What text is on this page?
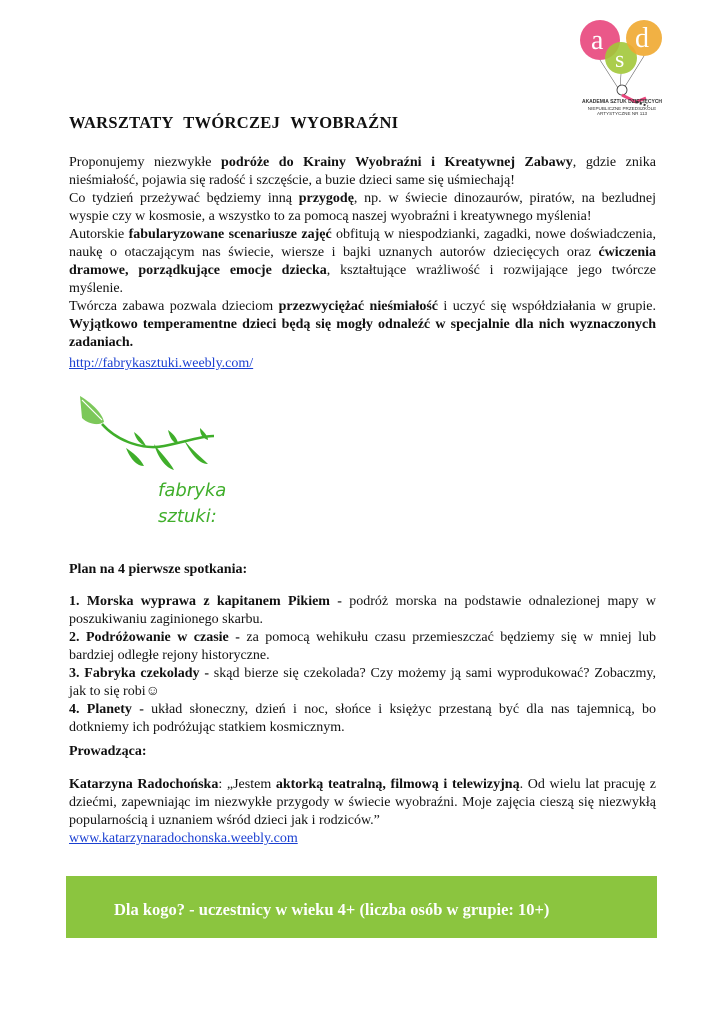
a
s
d
AKADEMIA SZTUK DZIECIĘCYCH
NIEPUBLICZNE PRZEDSZKOLE ARTYSTYCZNE NR 113
WARSZTATY TWÓRCZEJ WYOBRAŹNI

Proponujemy niezwykłe podróże do Krainy Wyobraźni i Kreatywnej Zabawy, gdzie znika nieśmiałość, pojawia się radość i szczęście, a buzie dzieci same się uśmiechają!

Co tydzień przeżywać będziemy inną przygodę, np. w świecie dinozaurów, piratów, na bezludnej wyspie czy w kosmosie, a wszystko to za pomocą naszej wyobraźni i kreatywnego myślenia!

Autorskie fabularyzowane scenariusze zajęć obfitują w niespodzianki, zagadki, nowe doświadczenia, naukę o otaczającym nas świecie, wiersze i bajki uznanych autorów dziecięcych oraz ćwiczenia dramowe, porządkujące emocje dziecka, kształtujące wrażliwość i rozwijające jego twórcze myślenie.

Twórcza zabawa pozwala dzieciom przezwyciężać nieśmiałość i uczyć się współdziałania w grupie. Wyjątkowo temperamentne dzieci będą się mogły odnaleźć w specjalnie dla nich wyznaczonych zadaniach.

http://fabrykasztuki.weebly.com/
fabryka
sztuki:
Plan na 4 pierwsze spotkania:

1. Morska wyprawa z kapitanem Pikiem - podróż morska na podstawie odnalezionej mapy w poszukiwaniu zaginionego skarbu.

2. Podróżowanie w czasie - za pomocą wehikułu czasu przemieszczać będziemy się w mniej lub bardziej odległe rejony historyczne.

3. Fabryka czekolady - skąd bierze się czekolada? Czy możemy ją sami wyprodukować? Zobaczmy, jak to się robi☺

4. Planety - układ słoneczny, dzień i noc, słońce i księżyc przestaną być dla nas tajemnicą, bo dotkniemy ich podróżując statkiem kosmicznym.

Prowadząca:

Katarzyna Radochońska: „Jestem aktorką teatralną, filmową i telewizyjną. Od wielu lat pracuję z dziećmi, zapewniając im niezwykłe przygody w świecie wyobraźni. Moje zajęcia cieszą się niezwykłą popularnością i uznaniem wśród dzieci jak i rodziców.”

www.katarzynaradochonska.weebly.com

Dla kogo? - uczestnicy w wieku 4+ (liczba osób w grupie: 10+)
